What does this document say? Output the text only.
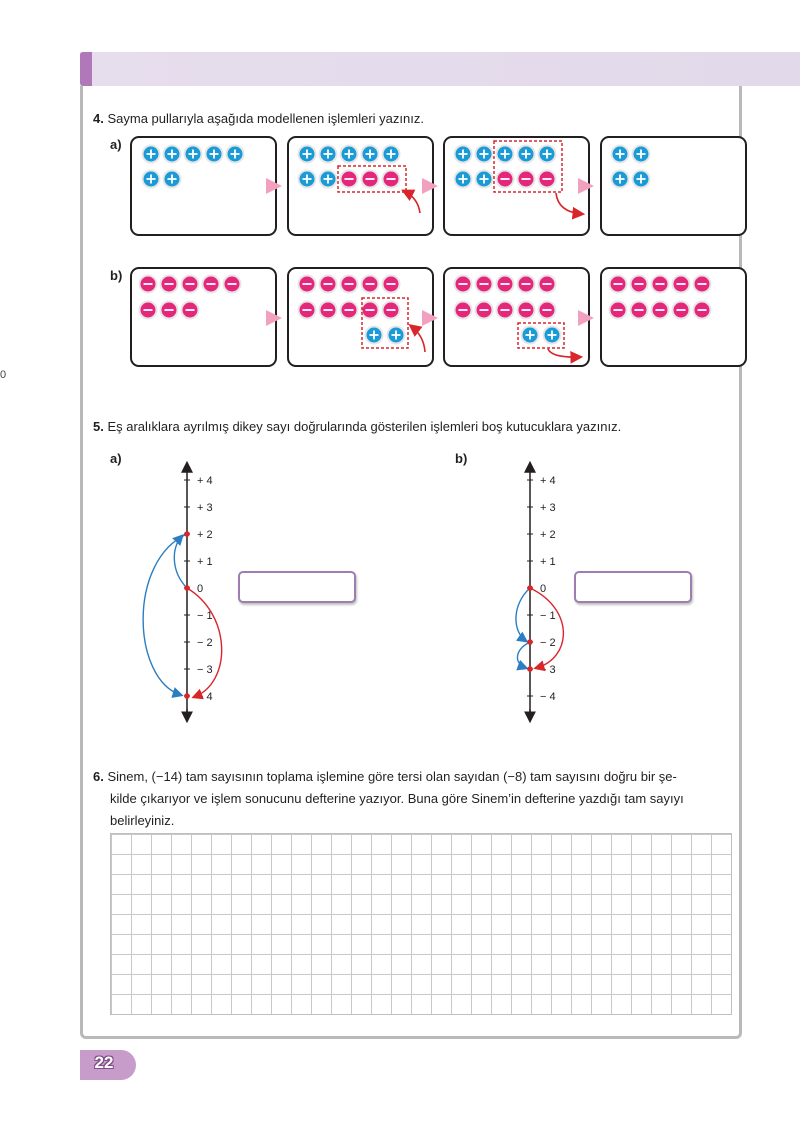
0
4. Sayma pullarıyla aşağıda modellenen işlemleri yazınız.
a)
b)
5. Eş aralıklara ayrılmış dikey sayı doğrularında gösterilen işlemleri boş kutucuklara yazınız.
a)	b)
+ 4
+ 3
+ 2
+ 1
0
− 1
− 2
− 3
− 4
+ 4
+ 3
+ 2
+ 1
0
− 1
− 2
− 3
− 4
6. Sinem, (−14) tam sayısının toplama işlemine göre tersi olan sayıdan (−8) tam sayısını doğru bir şe-
kilde çıkarıyor ve işlem sonucunu defterine yazıyor. Buna göre Sinem’in defterine yazdığı tam sayıyı
belirleyiniz.
22
